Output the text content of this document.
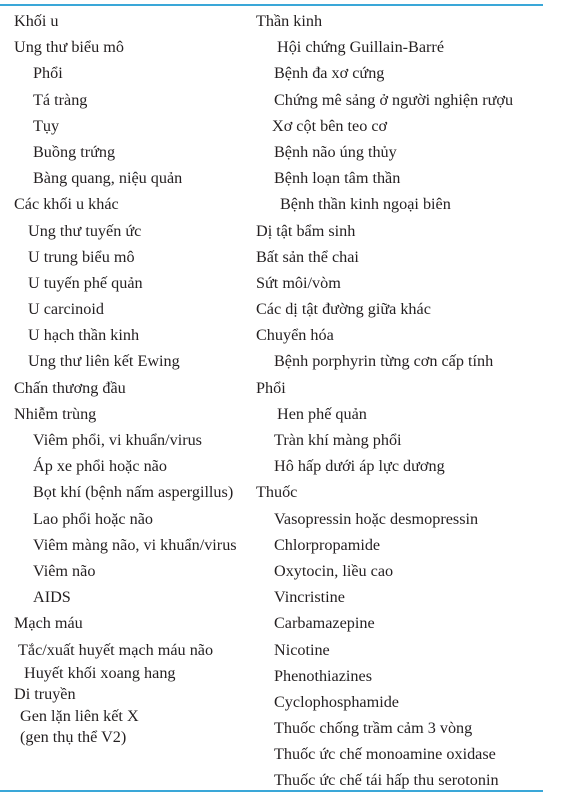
Khối u
Ung thư biểu mô
Phổi
Tá tràng
Tụy
Buồng trứng
Bàng quang, niệu quản
Các khối u khác
Ung thư tuyến ức
U trung biểu mô
U tuyến phế quản
U carcinoid
U hạch thần kinh
Ung thư liên kết Ewing
Chấn thương đầu
Nhiễm trùng
Viêm phổi, vi khuẩn/virus
Áp xe phổi hoặc não
Bọt khí (bệnh nấm aspergillus)
Lao phổi hoặc não
Viêm màng não, vi khuẩn/virus
Viêm não
AIDS
Mạch máu
Tắc/xuất huyết mạch máu não
Huyết khối xoang hang
Di truyền
Gen lặn liên kết X
(gen thụ thể V2)
Thần kinh
Hội chứng Guillain-Barré
Bệnh đa xơ cứng
Chứng mê sảng ở người nghiện rượu
Xơ cột bên teo cơ
Bệnh não úng thủy
Bệnh loạn tâm thần
Bệnh thần kinh ngoại biên
Dị tật bẩm sinh
Bất sản thể chai
Sứt môi/vòm
Các dị tật đường giữa khác
Chuyển hóa
Bệnh porphyrin từng cơn cấp tính
Phổi
Hen phế quản
Tràn khí màng phổi
Hô hấp dưới áp lực dương
Thuốc
Vasopressin hoặc desmopressin
Chlorpropamide
Oxytocin, liều cao
Vincristine
Carbamazepine
Nicotine
Phenothiazines
Cyclophosphamide
Thuốc chống trầm cảm 3 vòng
Thuốc ức chế monoamine oxidase
Thuốc ức chế tái hấp thu serotonin
